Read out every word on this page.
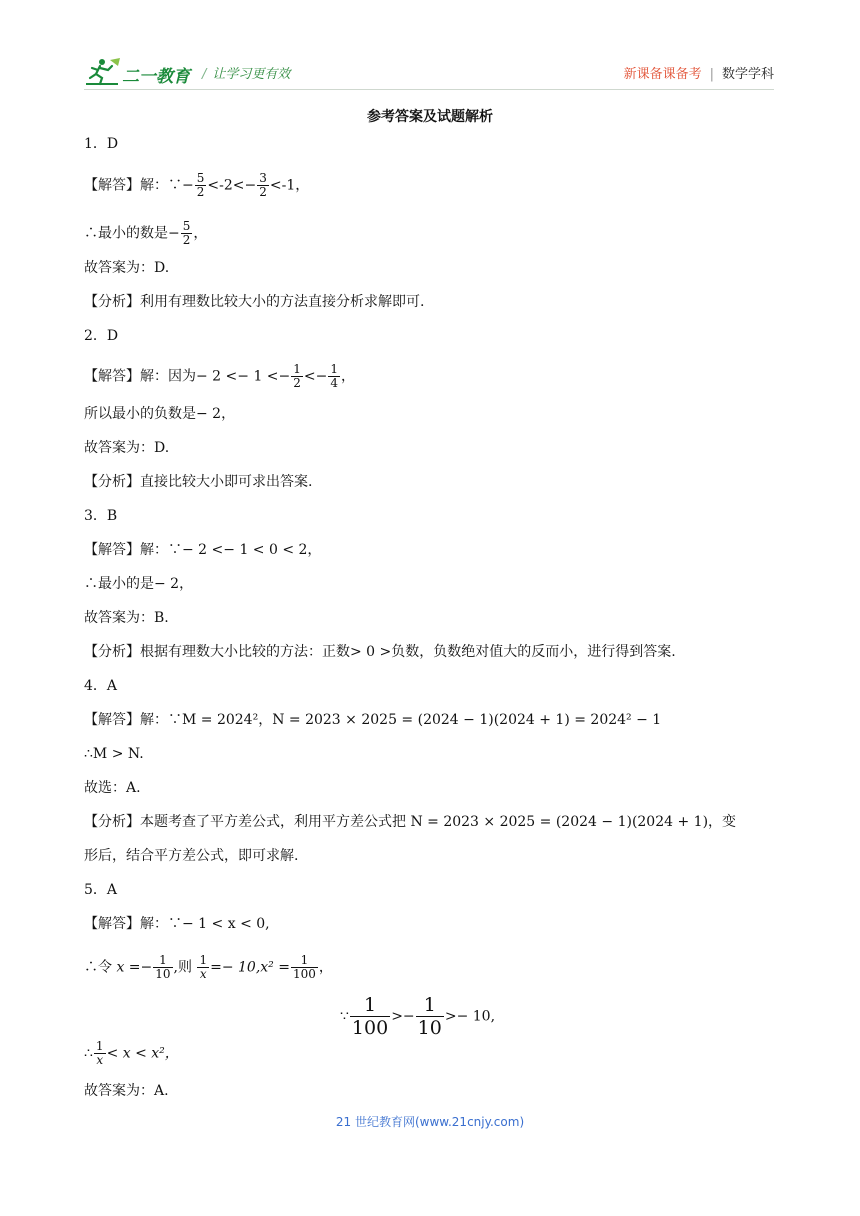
二一教育 / 让学习更有效	新课备课备考 | 数学学科
参考答案及试题解析
1．D
【解答】解：∵− $\frac{5}{2} <-2<- \frac{3}{2} <-1$，
∴最小的数是− $\frac{5}{2}$ ，
故答案为：D.
【分析】利用有理数比较大小的方法直接分析求解即可.
2．D
【解答】解：因为− $2 <- 1 <- \frac{1}{2} <- \frac{1}{4}$ ，
所以最小的负数是− 2，
故答案为：D.
【分析】直接比较大小即可求出答案.
3．B
【解答】解：∵− 2 <− 1 < 0 < 2，
∴最小的是− 2，
故答案为：B.
【分析】根据有理数大小比较的方法：正数> 0 >负数，负数绝对值大的反而小，进行得到答案.
4．A
【解答】解：∵M = 2024²，N = 2023 × 2025 = (2024 − 1)(2024 + 1) = 2024² − 1
∴M > N.
故选：A.
【分析】本题考查了平方差公式，利用平方差公式把 N = 2023 × 2025 = (2024 − 1)(2024 + 1)，变
形后，结合平方差公式，即可求解.
5．A
【解答】解：∵− 1 < x < 0,
∴令 $x =- \frac{1}{10}$ ,则 $\frac{1}{x} =- 10,x^2 = \frac{1}{100}$ ，
∵ $\frac{1}{100} >- \frac{1}{10} >- 10$,
∴ $\frac{1}{x} < x < x^2$，
故答案为：A.
21 世纪教育网(www.21cnjy.com)
